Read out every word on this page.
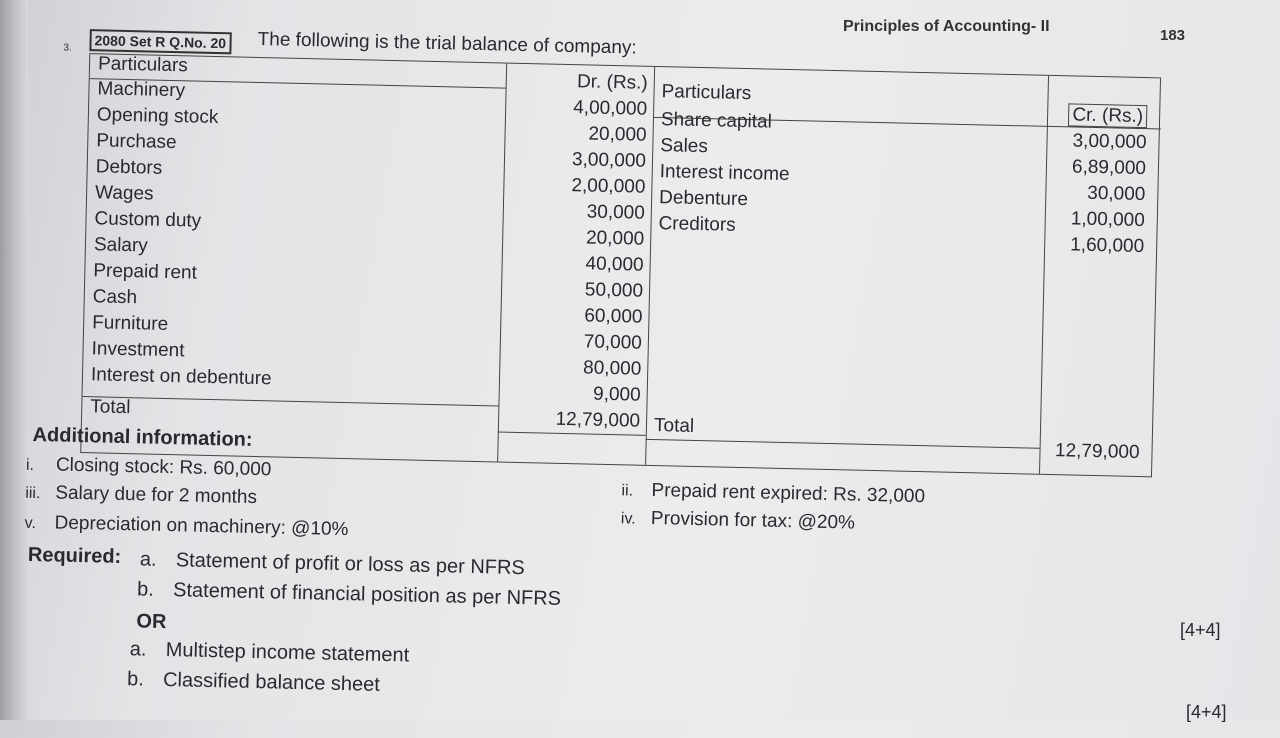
Principles of Accounting- II
183
3.	2080 Set R Q.No. 20 The following is the trial balance of company:
Particulars
Dr. (Rs.) Particulars
Cr. (Rs.)
Machinery
4,00,000
Opening stock
20,000
Purchase
3,00,000
Debtors
2,00,000
Wages
30,000
Custom duty
20,000
Salary
40,000
Prepaid rent
50,000
Cash
60,000
Furniture
70,000
Investment
80,000
Interest on debenture
9,000
Share capital
3,00,000
Sales
6,89,000
Interest income
30,000
Debenture
1,00,000
Creditors
1,60,000
Total
12,79,000 Total
12,79,000
Additional information:
i. Closing stock: Rs. 60,000
ii. Prepaid rent expired: Rs. 32,000
iii. Salary due for 2 months
iv. Provision for tax: @20%
v. Depreciation on machinery: @10%
Required: a. Statement of profit or loss as per NFRS
b. Statement of financial position as per NFRS
OR
a. Multistep income statement
b. Classified balance sheet
[4+4]
[4+4]
